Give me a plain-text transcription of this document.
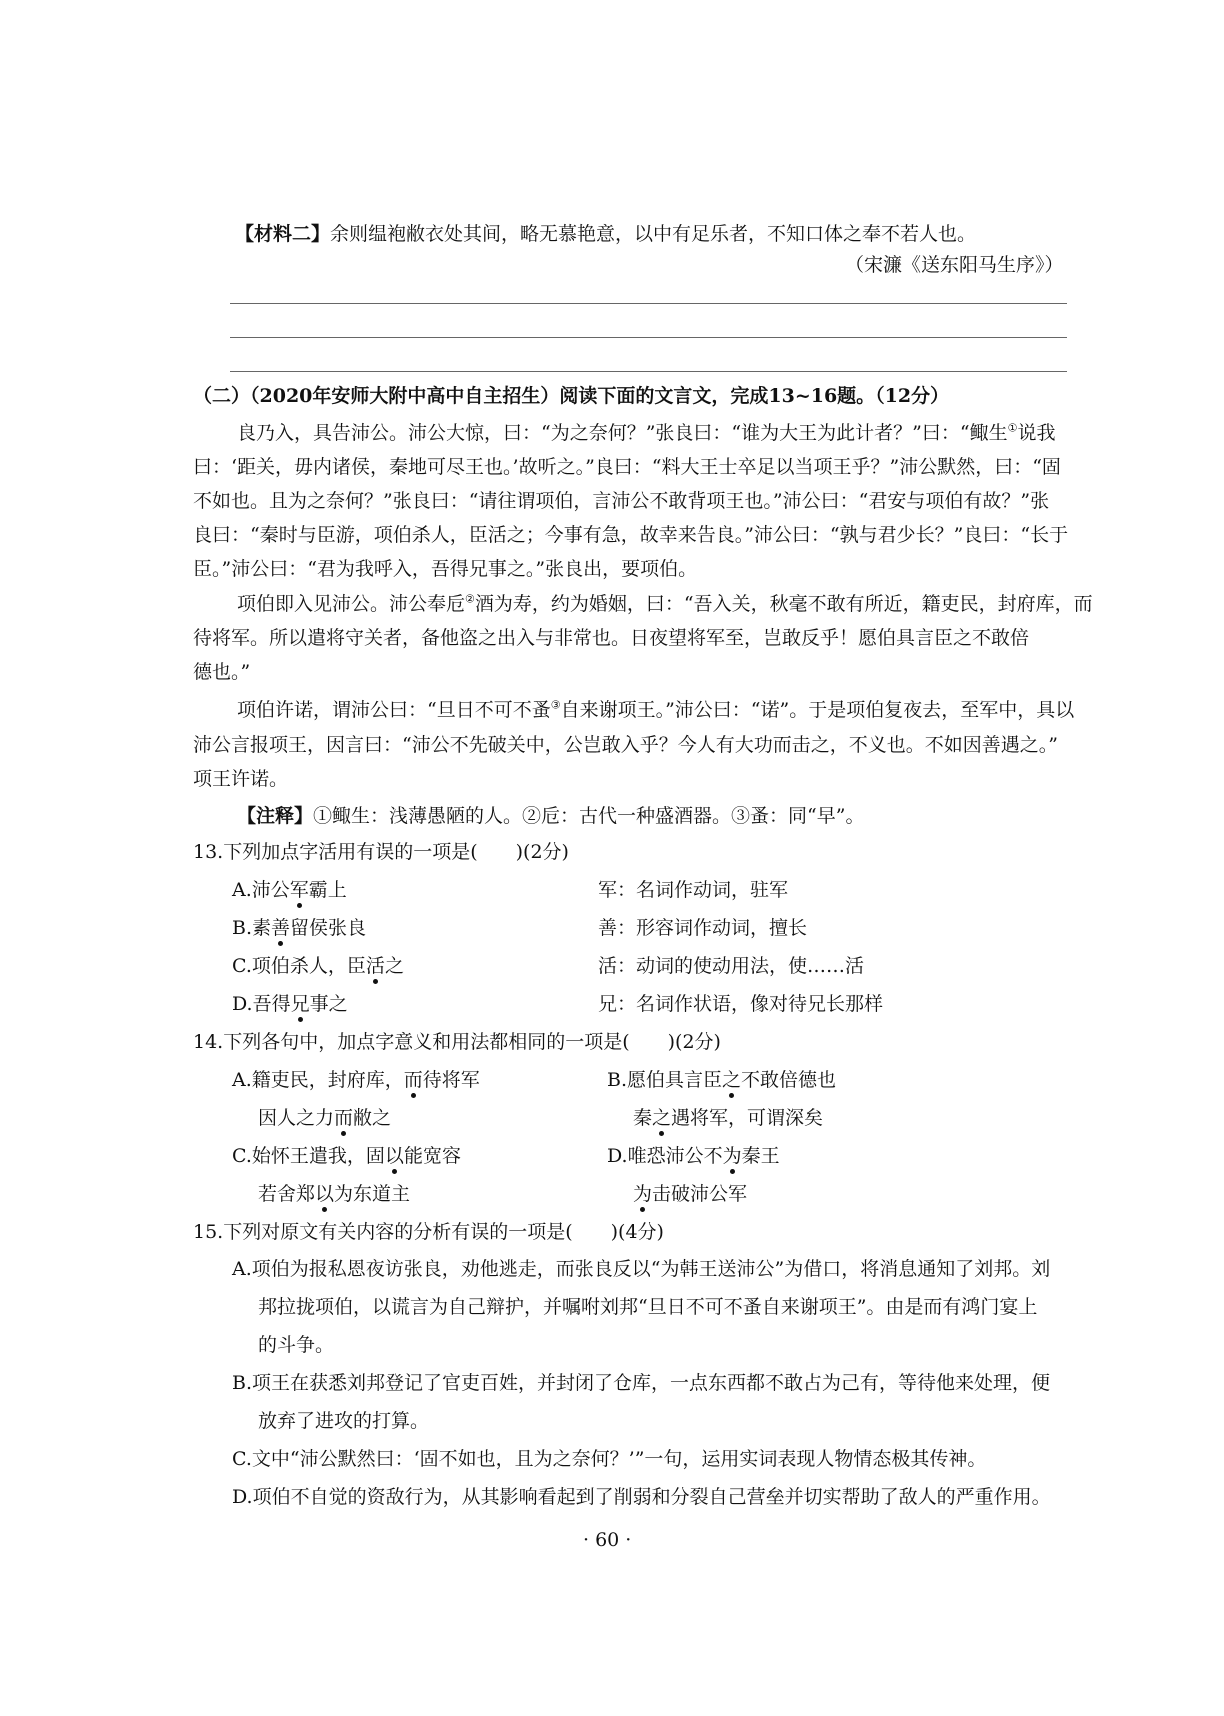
【材料二】余则缊袍敝衣处其间，略无慕艳意，以中有足乐者，不知口体之奉不若人也。
（宋濂《送东阳马生序》）
（二）（2020年安师大附中高中自主招生）阅读下面的文言文，完成13~16题。（12分）
良乃入，具告沛公。沛公大惊，曰：“为之奈何？”张良曰：“谁为大王为此计者？”曰：“鲰生①说我
曰：‘距关，毋内诸侯，秦地可尽王也。’故听之。”良曰：“料大王士卒足以当项王乎？”沛公默然，曰：“固
不如也。且为之奈何？”张良曰：“请往谓项伯，言沛公不敢背项王也。”沛公曰：“君安与项伯有故？”张
良曰：“秦时与臣游，项伯杀人，臣活之；今事有急，故幸来告良。”沛公曰：“孰与君少长？”良曰：“长于
臣。”沛公曰：“君为我呼入，吾得兄事之。”张良出，要项伯。
项伯即入见沛公。沛公奉卮②酒为寿，约为婚姻，曰：“吾入关，秋毫不敢有所近，籍吏民，封府库，而
待将军。所以遣将守关者，备他盗之出入与非常也。日夜望将军至，岂敢反乎！愿伯具言臣之不敢倍
德也。”
项伯许诺，谓沛公曰：“旦日不可不蚤③自来谢项王。”沛公曰：“诺”。于是项伯复夜去，至军中，具以
沛公言报项王，因言曰：“沛公不先破关中，公岂敢入乎？今人有大功而击之，不义也。不如因善遇之。”
项王许诺。
【注释】①鲰生：浅薄愚陋的人。②卮：古代一种盛酒器。③蚤：同“早”。
13.下列加点字活用有误的一项是(　　)(2分)
A.沛公军霸上	军：名词作动词，驻军
B.素善留侯张良	善：形容词作动词，擅长
C.项伯杀人，臣活之	活：动词的使动用法，使……活
D.吾得兄事之	兄：名词作状语，像对待兄长那样
14.下列各句中，加点字意义和用法都相同的一项是(　　)(2分)
A.籍吏民，封府库，而待将军
因人之力而敝之
B.愿伯具言臣之不敢倍德也
秦之遇将军，可谓深矣
C.始怀王遣我，固以能宽容
若舍郑以为东道主
D.唯恐沛公不为秦王
为击破沛公军
15.下列对原文有关内容的分析有误的一项是(　　)(4分)
A.项伯为报私恩夜访张良，劝他逃走，而张良反以“为韩王送沛公”为借口，将消息通知了刘邦。刘
邦拉拢项伯，以谎言为自己辩护，并嘱咐刘邦“旦日不可不蚤自来谢项王”。由是而有鸿门宴上
的斗争。
B.项王在获悉刘邦登记了官吏百姓，并封闭了仓库，一点东西都不敢占为己有，等待他来处理，便
放弃了进攻的打算。
C.文中“沛公默然曰：‘固不如也，且为之奈何？’”一句，运用实词表现人物情态极其传神。
D.项伯不自觉的资敌行为，从其影响看起到了削弱和分裂自己营垒并切实帮助了敌人的严重作用。
· 60 ·
